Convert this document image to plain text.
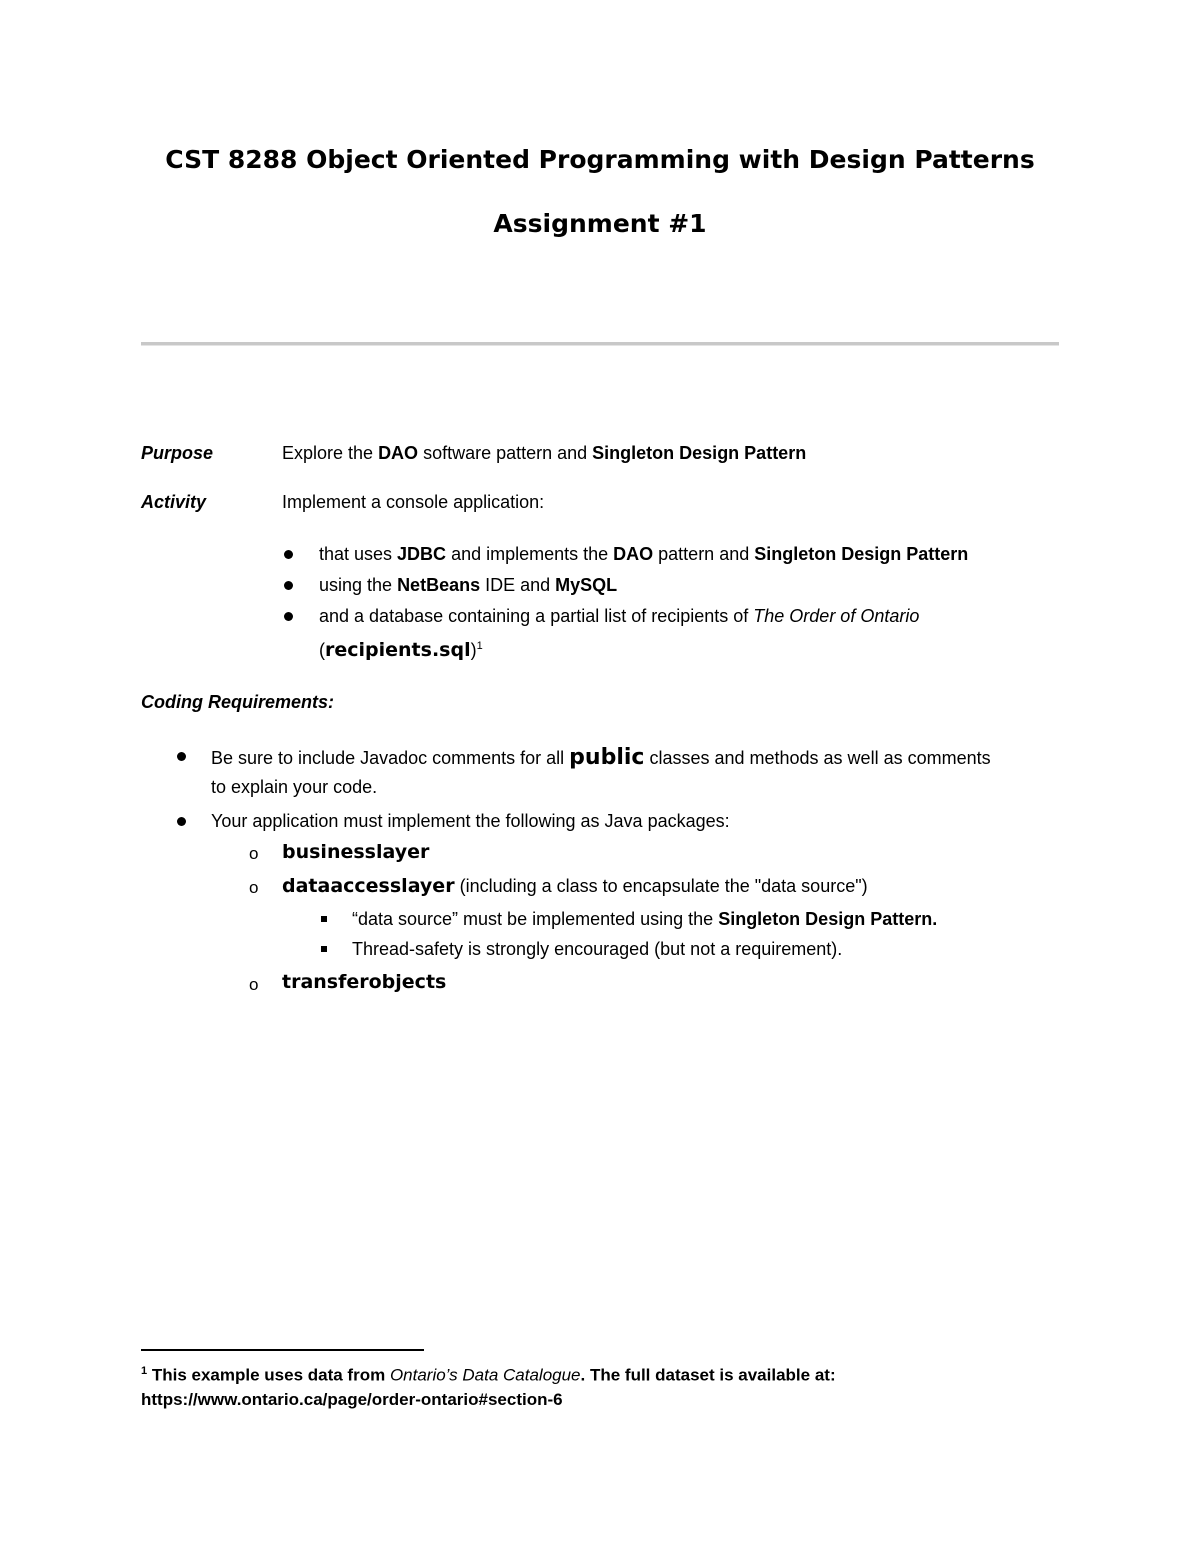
CST 8288 Object Oriented Programming with Design Patterns
Assignment #1
Purpose	Explore the DAO software pattern and Singleton Design Pattern
Activity	Implement a console application:
that uses JDBC and implements the DAO pattern and Singleton Design Pattern
using the NetBeans IDE and MySQL
and a database containing a partial list of recipients of The Order of Ontario
(recipients.sql)$^1$
Coding Requirements:
Be sure to include Javadoc comments for all public classes and methods as well as comments
to explain your code.
Your application must implement the following as Java packages:
o businesslayer
o dataaccesslayer (including a class to encapsulate the "data source")
“data source” must be implemented using the Singleton Design Pattern.
Thread-safety is strongly encouraged (but not a requirement).
o transferobjects
$^1$ This example uses data from Ontario’s Data Catalogue. The full dataset is available at:
https://www.ontario.ca/page/order-ontario#section-6
